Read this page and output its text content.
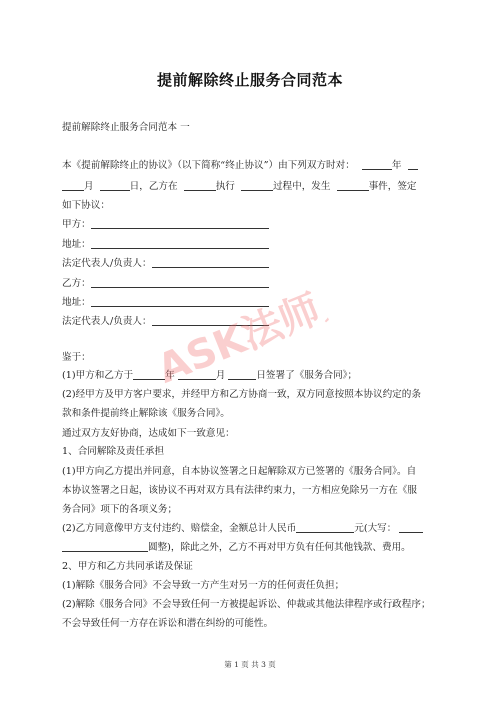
提前解除终止服务合同范本
提前解除终止服务合同范本 一
本《提前解除终止的协议》（以下简称“终止协议”）由下列双方时对：	年
月	日，乙方在	执行	过程中，发生	事件，签定
如下协议：
甲方：
地址：
法定代表人/负责人：
乙方：
地址：
法定代表人/负责人：
鉴于：
(1)甲方和乙方于	年	月	日签署了《服务合同》；
(2)经甲方及甲方客户要求，并经甲方和乙方协商一致，双方同意按照本协议约定的条
款和条件提前终止解除该《服务合同》。
通过双方友好协商，达成如下一致意见：
1、合同解除及责任承担
(1)甲方向乙方提出并同意，自本协议签署之日起解除双方已签署的《服务合同》。自
本协议签署之日起，该协议不再对双方具有法律约束力，一方相应免除另一方在《服
务合同》项下的各项义务；
(2)乙方同意像甲方支付违约、赔偿金，金额总计人民币	元(大写：
圆整)，除此之外，乙方不再对甲方负有任何其他钱款、费用。
2、甲方和乙方共同承诺及保证
(1)解除《服务合同》不会导致一方产生对另一方的任何责任负担；
(2)解除《服务合同》不会导致任何一方被提起诉讼、仲裁或其他法律程序或行政程序；
不会导致任何一方存在诉讼和潜在纠纷的可能性。
第 1 页 共 3 页
ASK法师兄
